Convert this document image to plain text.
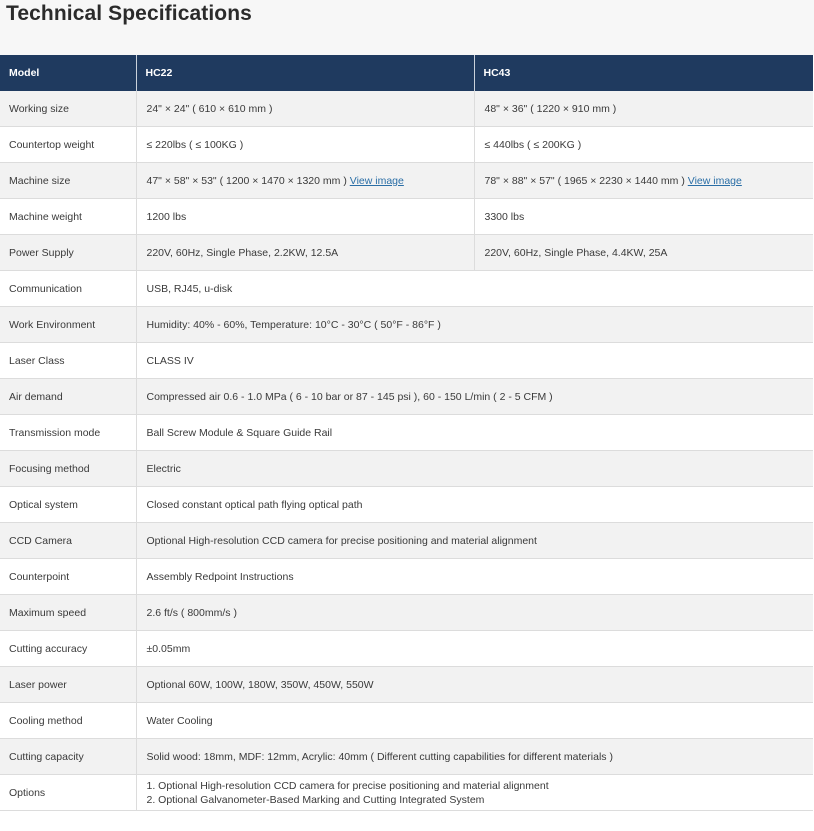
Technical Specifications
Model	HC22	HC43
Working size	24" × 24" ( 610 × 610 mm )	48" × 36" ( 1220 × 910 mm )
Countertop weight	≤ 220lbs ( ≤ 100KG )	≤ 440lbs ( ≤ 200KG )
Machine size	47" × 58" × 53" ( 1200 × 1470 × 1320 mm ) View image	78" × 88" × 57" ( 1965 × 2230 × 1440 mm ) View image
Machine weight	1200 lbs	3300 lbs
Power Supply	220V, 60Hz, Single Phase, 2.2KW, 12.5A	220V, 60Hz, Single Phase, 4.4KW, 25A
Communication	USB, RJ45, u-disk	
Work Environment	Humidity: 40% - 60%, Temperature: 10°C - 30°C ( 50°F - 86°F )	
Laser Class	CLASS IV	
Air demand	Compressed air 0.6 - 1.0 MPa ( 6 - 10 bar or 87 - 145 psi ), 60 - 150 L/min ( 2 - 5 CFM )	
Transmission mode	Ball Screw Module & Square Guide Rail	
Focusing method	Electric	
Optical system	Closed constant optical path flying optical path	
CCD Camera	Optional High-resolution CCD camera for precise positioning and material alignment	
Counterpoint	Assembly Redpoint Instructions	
Maximum speed	2.6 ft/s ( 800mm/s )	
Cutting accuracy	±0.05mm	
Laser power	Optional 60W, 100W, 180W, 350W, 450W, 550W	
Cooling method	Water Cooling	
Cutting capacity	Solid wood: 18mm, MDF: 12mm, Acrylic: 40mm ( Different cutting capabilities for different materials )	
Options	1. Optional High-resolution CCD camera for precise positioning and material alignment
2. Optional Galvanometer-Based Marking and Cutting Integrated System	
